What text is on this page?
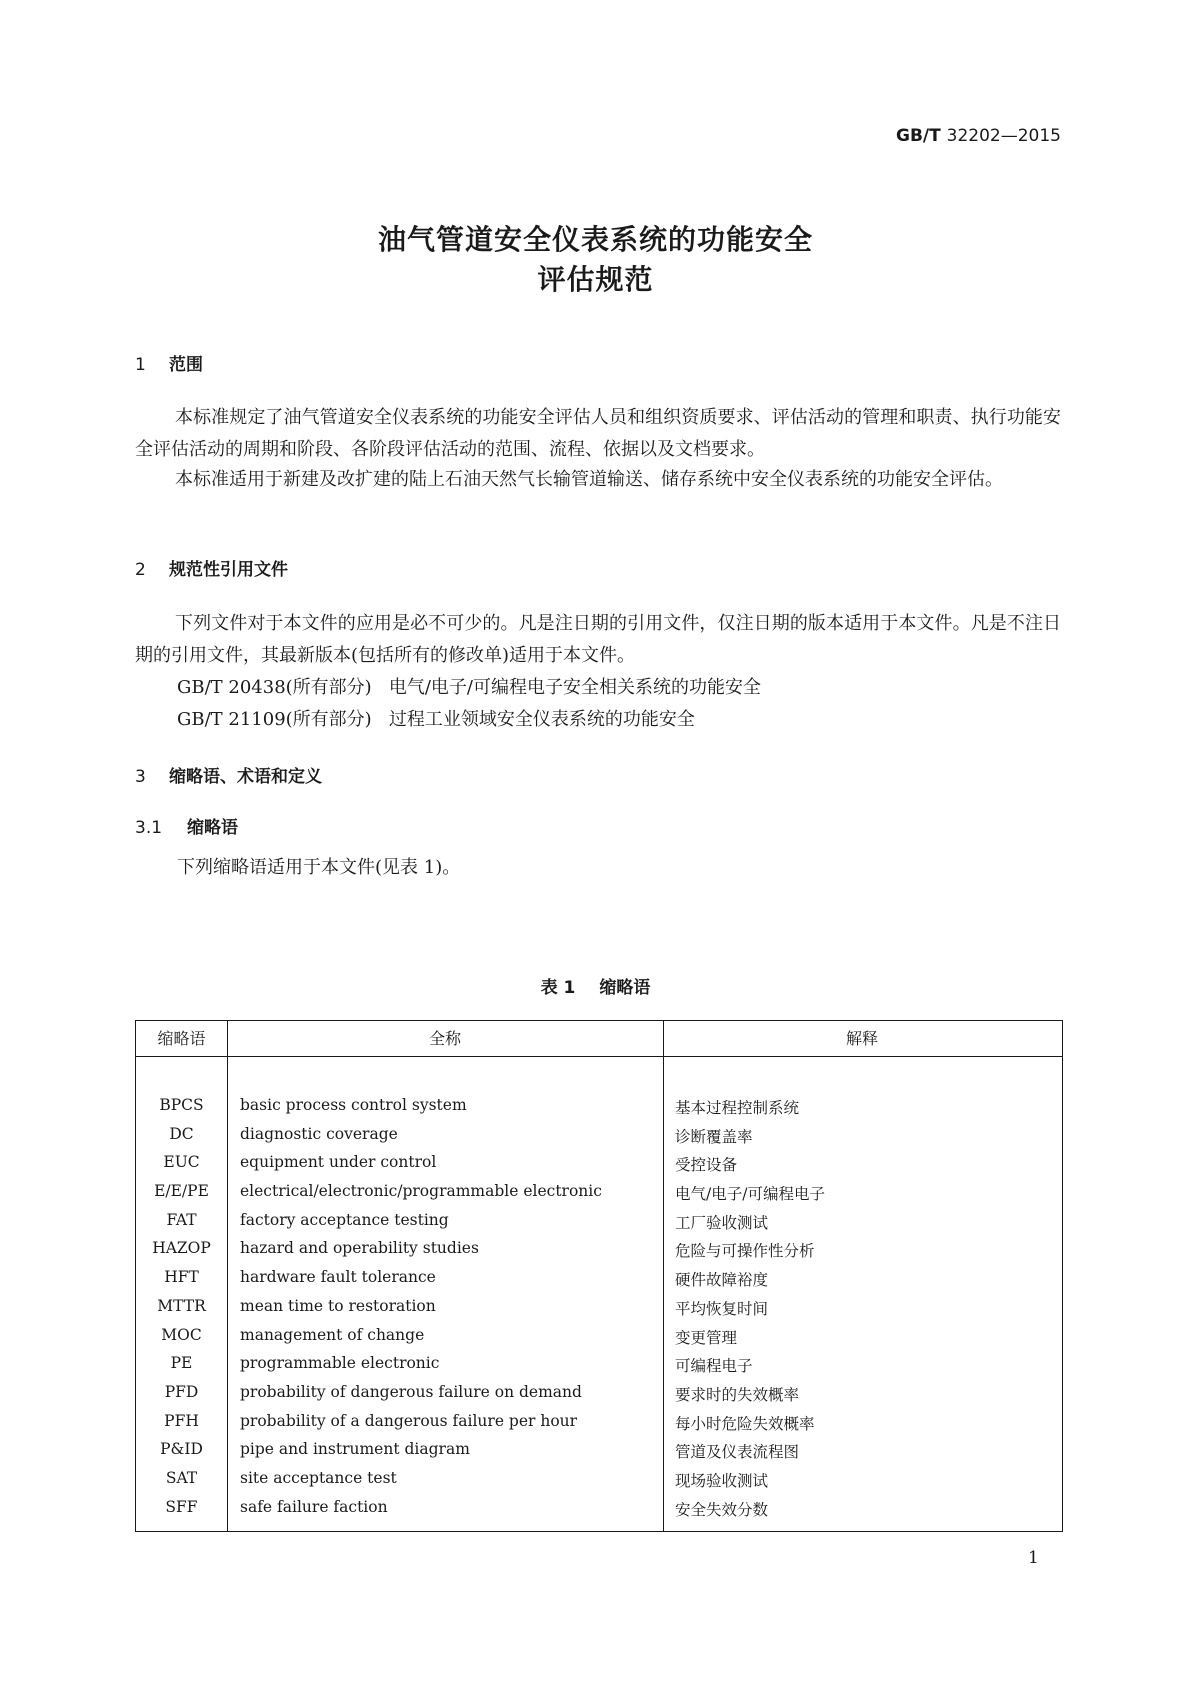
GB/T 32202—2015
油气管道安全仪表系统的功能安全
评估规范
1 范围
本标准规定了油气管道安全仪表系统的功能安全评估人员和组织资质要求、评估活动的管理和职责、执行功能安全评估活动的周期和阶段、各阶段评估活动的范围、流程、依据以及文档要求。
本标准适用于新建及改扩建的陆上石油天然气长输管道输送、储存系统中安全仪表系统的功能安全评估。
2 规范性引用文件
下列文件对于本文件的应用是必不可少的。凡是注日期的引用文件，仅注日期的版本适用于本文件。凡是不注日期的引用文件，其最新版本(包括所有的修改单)适用于本文件。
GB/T 20438(所有部分)   电气/电子/可编程电子安全相关系统的功能安全
GB/T 21109(所有部分)   过程工业领域安全仪表系统的功能安全
3 缩略语、术语和定义
3.1 缩略语
下列缩略语适用于本文件(见表 1)。
表 1 缩略语
缩略语	全称	解释
BPCS	basic process control system	基本过程控制系统
DC	diagnostic coverage	诊断覆盖率
EUC	equipment under control	受控设备
E/E/PE	electrical/electronic/programmable electronic	电气/电子/可编程电子
FAT	factory acceptance testing	工厂验收测试
HAZOP	hazard and operability studies	危险与可操作性分析
HFT	hardware fault tolerance	硬件故障裕度
MTTR	mean time to restoration	平均恢复时间
MOC	management of change	变更管理
PE	programmable electronic	可编程电子
PFD	probability of dangerous failure on demand	要求时的失效概率
PFH	probability of a dangerous failure per hour	每小时危险失效概率
P&ID	pipe and instrument diagram	管道及仪表流程图
SAT	site acceptance test	现场验收测试
SFF	safe failure faction	安全失效分数
1
